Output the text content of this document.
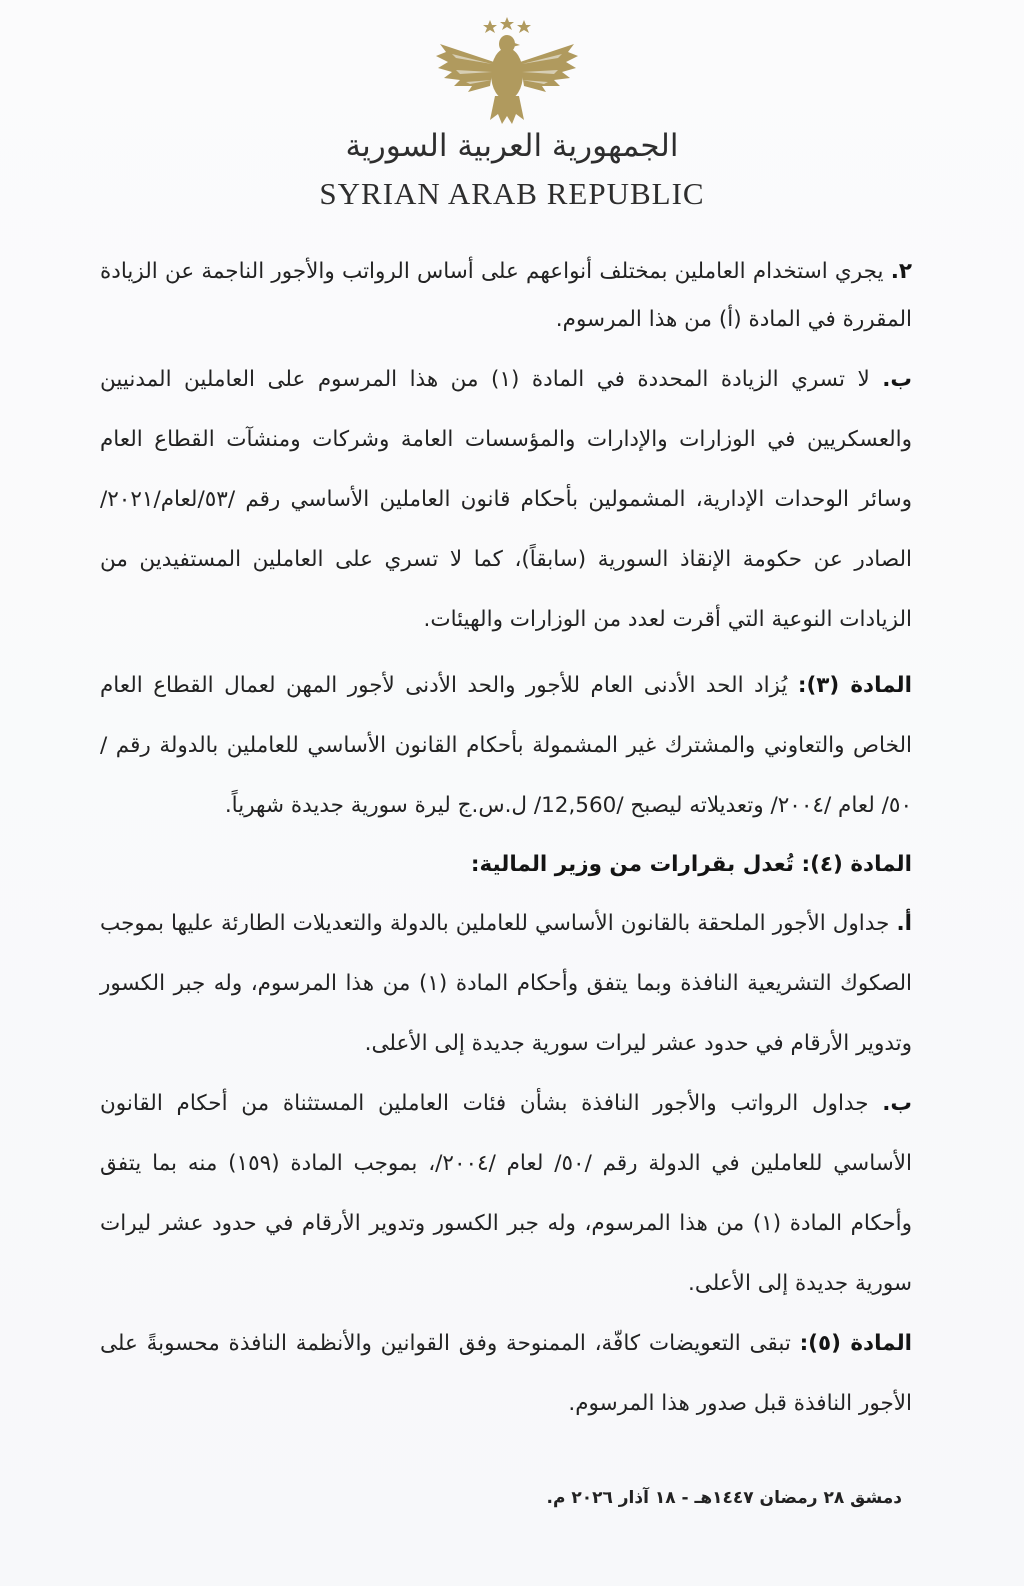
الجمهورية العربية السورية
SYRIAN ARAB REPUBLIC

٢. يجري استخدام العاملين بمختلف أنواعهم على أساس الرواتب والأجور الناجمة عن الزيادة المقررة في المادة (أ) من هذا المرسوم.

ب. لا تسري الزيادة المحددة في المادة (١) من هذا المرسوم على العاملين المدنيين والعسكريين في الوزارات والإدارات والمؤسسات العامة وشركات ومنشآت القطاع العام وسائر الوحدات الإدارية، المشمولين بأحكام قانون العاملين الأساسي رقم /٥٣/لعام/٢٠٢١/ الصادر عن حكومة الإنقاذ السورية (سابقاً)، كما لا تسري على العاملين المستفيدين من الزيادات النوعية التي أقرت لعدد من الوزارات والهيئات.

المادة (٣): يُزاد الحد الأدنى العام للأجور والحد الأدنى لأجور المهن لعمال القطاع العام الخاص والتعاوني والمشترك غير المشمولة بأحكام القانون الأساسي للعاملين بالدولة رقم /٥٠/ لعام /٢٠٠٤/ وتعديلاته ليصبح /12,560/ ل.س.ج ليرة سورية جديدة شهرياً.

المادة (٤): تُعدل بقرارات من وزير المالية:

أ. جداول الأجور الملحقة بالقانون الأساسي للعاملين بالدولة والتعديلات الطارئة عليها بموجب الصكوك التشريعية النافذة وبما يتفق وأحكام المادة (١) من هذا المرسوم، وله جبر الكسور وتدوير الأرقام في حدود عشر ليرات سورية جديدة إلى الأعلى.

ب. جداول الرواتب والأجور النافذة بشأن فئات العاملين المستثناة من أحكام القانون الأساسي للعاملين في الدولة رقم /٥٠/ لعام /٢٠٠٤/، بموجب المادة (١٥٩) منه بما يتفق وأحكام المادة (١) من هذا المرسوم، وله جبر الكسور وتدوير الأرقام في حدود عشر ليرات سورية جديدة إلى الأعلى.

المادة (٥): تبقى التعويضات كافّة، الممنوحة وفق القوانين والأنظمة النافذة محسوبةً على الأجور النافذة قبل صدور هذا المرسوم.

دمشق ٢٨ رمضان ١٤٤٧هـ - ١٨ آذار ٢٠٢٦ م.
